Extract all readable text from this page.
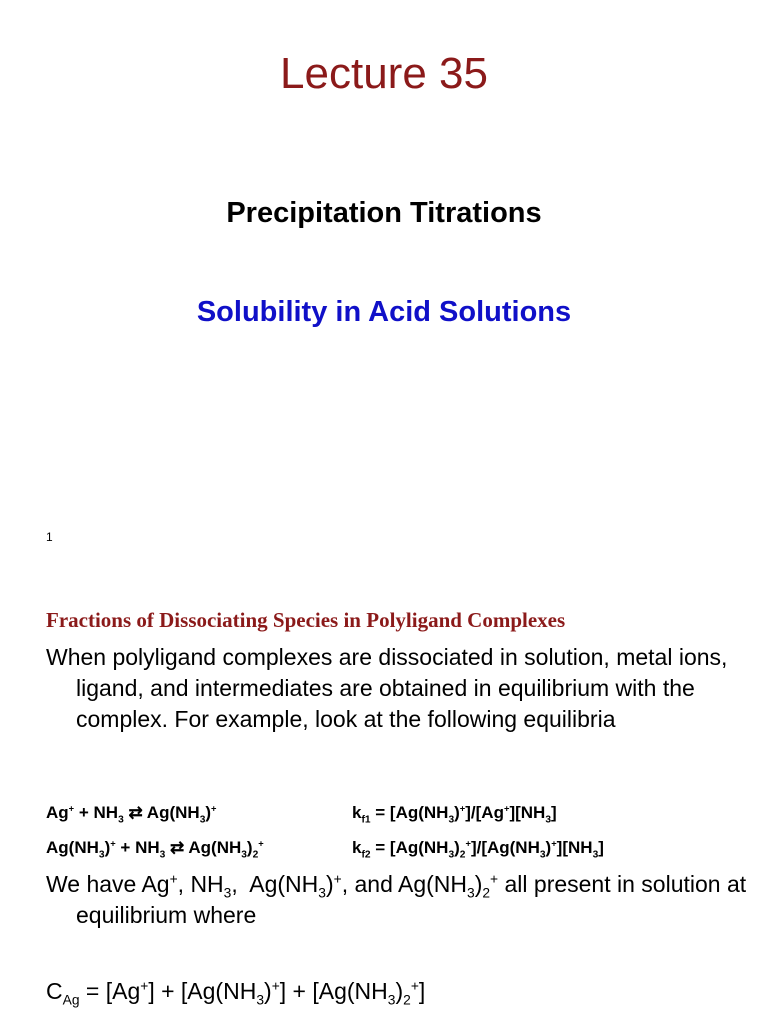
Lecture 35
Precipitation Titrations
Solubility in Acid Solutions
1
Fractions of Dissociating Species in Polyligand Complexes
When polyligand complexes are dissociated in solution, metal ions, ligand, and intermediates are obtained in equilibrium with the complex. For example, look at the following equilibria
$Ag^+ + NH_3$ ⇄ $Ag(NH_3)^+$	$k_{f1} = [Ag(NH_3)^+]/[Ag^+][NH_3]$
$Ag(NH_3)^+ + NH_3$ ⇄ $Ag(NH_3)_2^+$	$k_{f2} = [Ag(NH_3)_2^+]/[Ag(NH_3)^+][NH_3]$
We have Ag+, $NH_3$,  $Ag(NH_3)^+$, and $Ag(NH_3)_2^+$ all present in solution at equilibrium where
$C_{Ag} = [Ag^+] + [Ag(NH_3)^+] + [Ag(NH_3)_2^+]$
